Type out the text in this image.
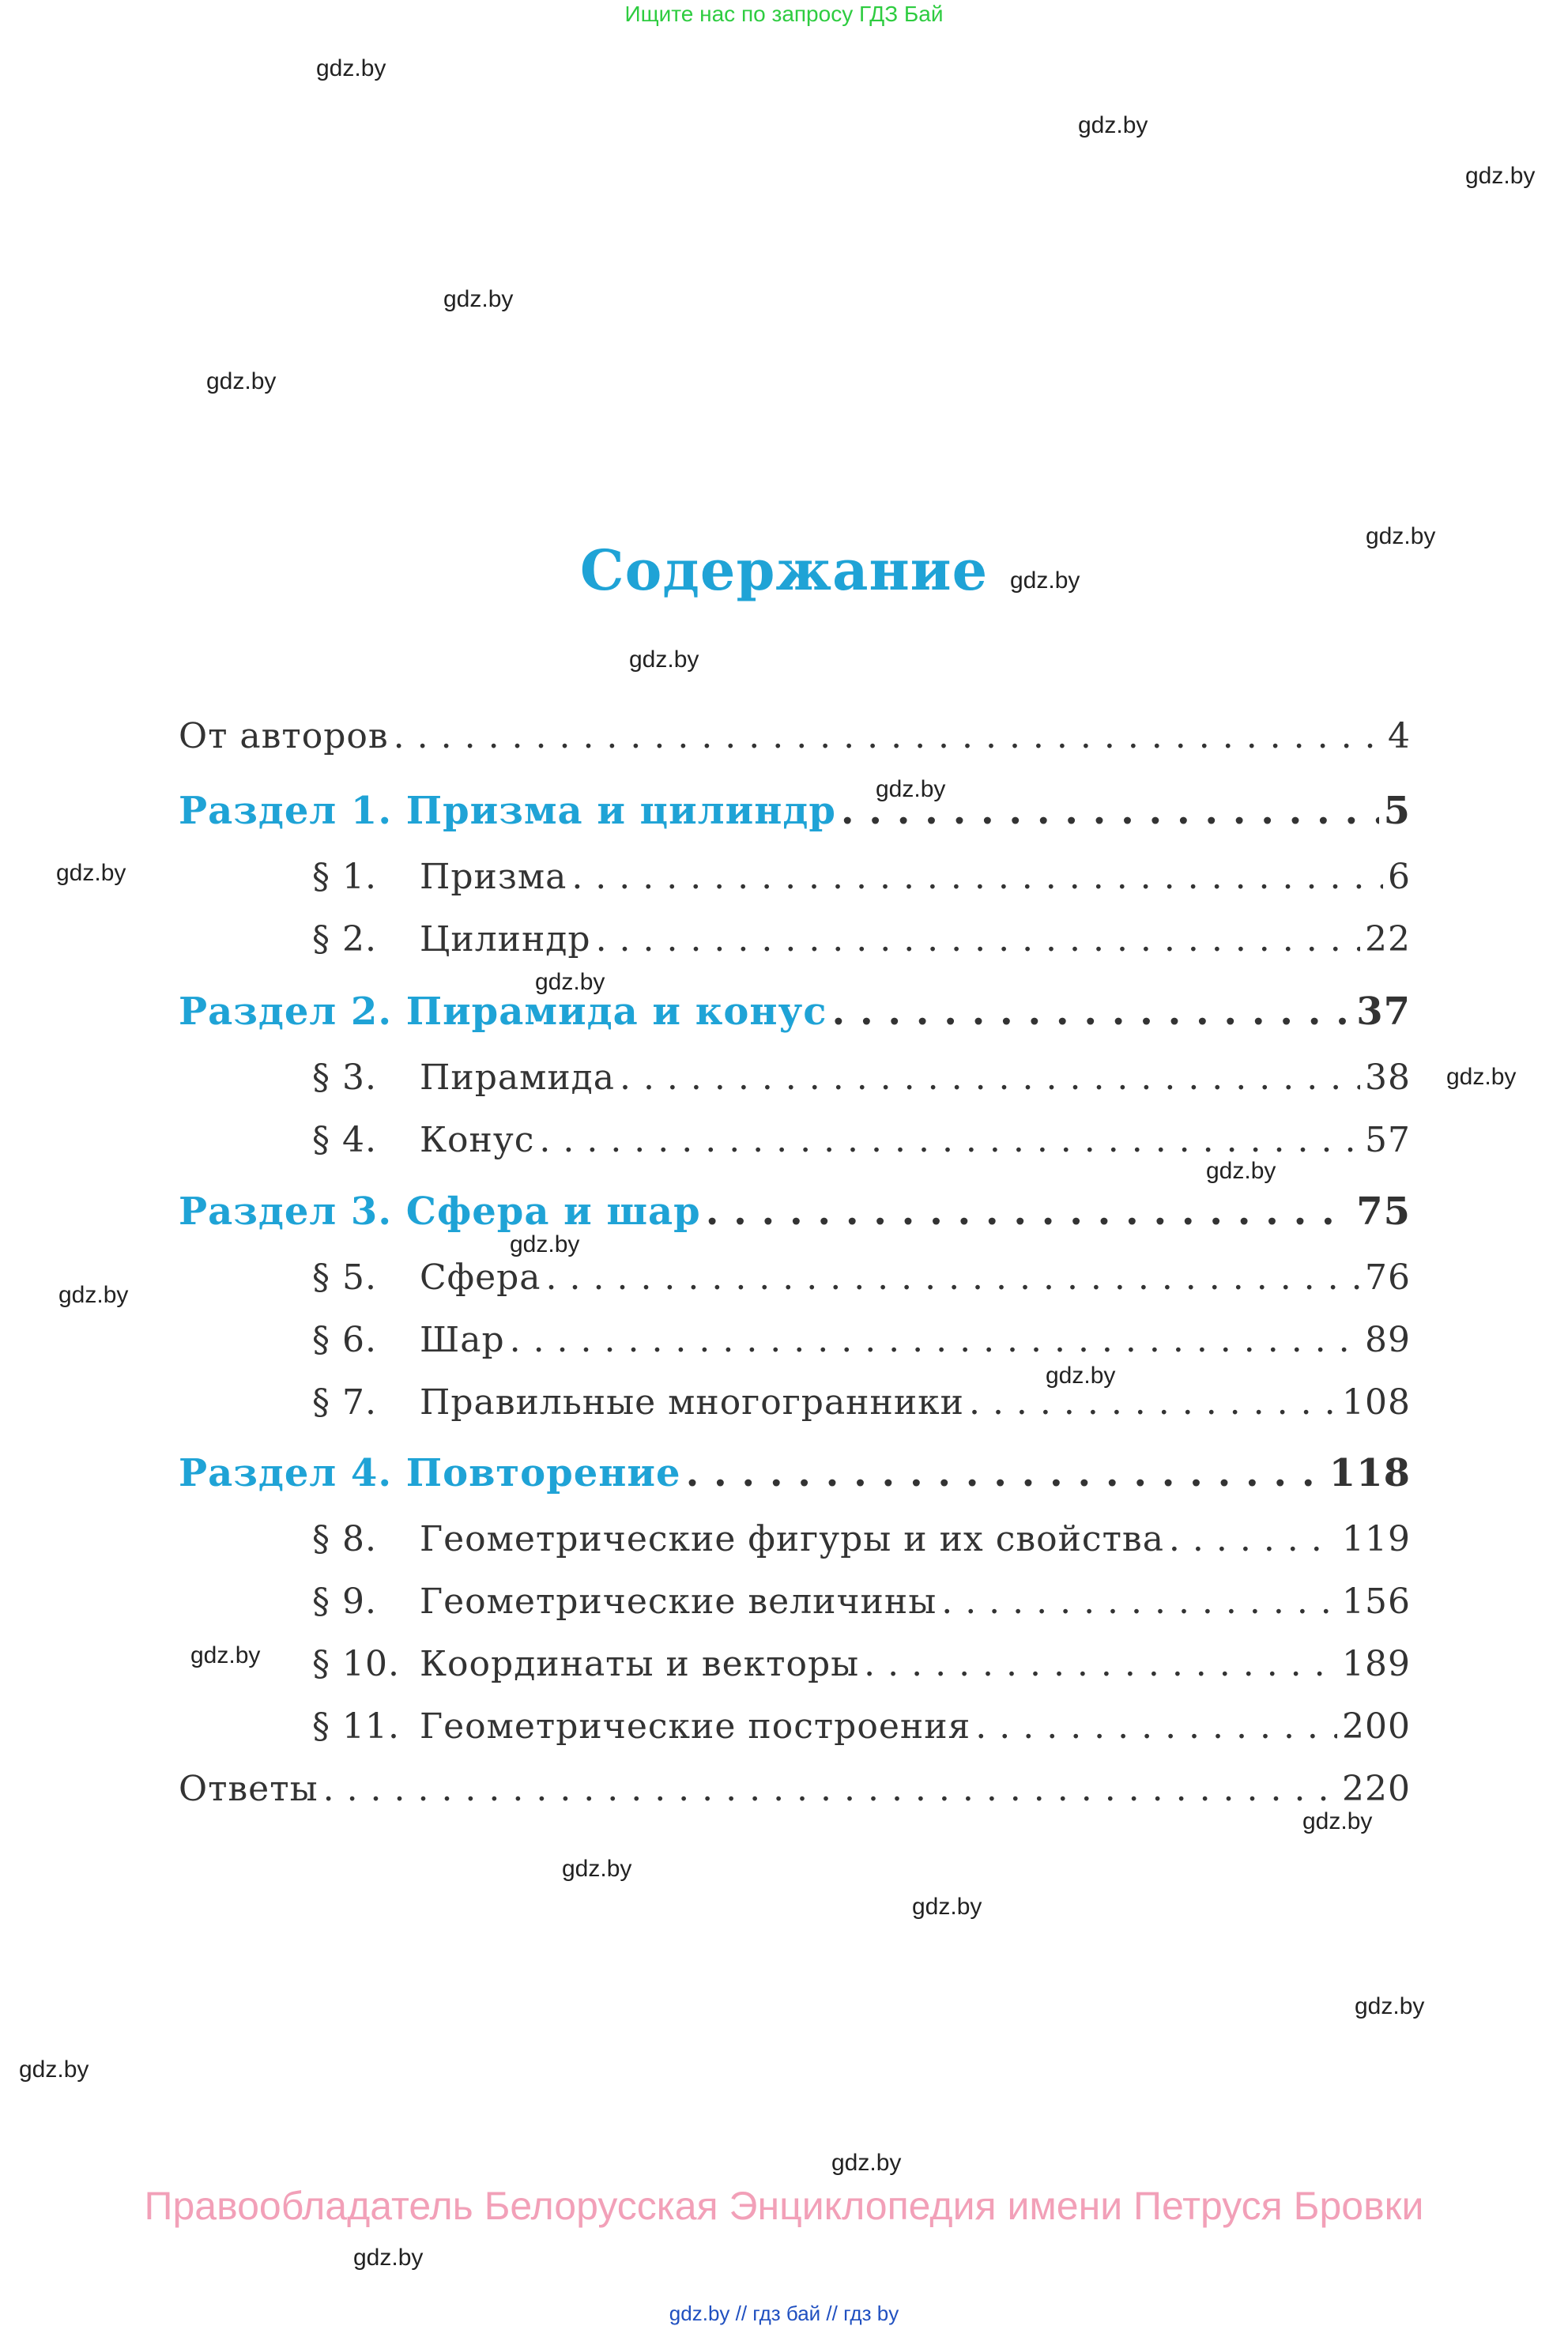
Ищите нас по запросу ГДЗ Бай
gdz.by
gdz.by
gdz.by
gdz.by
gdz.by
gdz.by
gdz.by
gdz.by
gdz.by
gdz.by
gdz.by
gdz.by
gdz.by
gdz.by
gdz.by
gdz.by
gdz.by
gdz.by
gdz.by
gdz.by
gdz.by
gdz.by
gdz.by
gdz.by
Содержание
От авторов . . .	4
Раздел 1. Призма и цилиндр . . .	5
§ 1.	Призма . . .	6
§ 2.	Цилиндр . . .	22
Раздел 2. Пирамида и конус . . .	37
§ 3.	Пирамида . . .	38
§ 4.	Конус . . .	57
Раздел 3. Сфера и шар . . .	75
§ 5.	Сфера . . .	76
§ 6.	Шар . . .	89
§ 7.	Правильные многогранники . . .	108
Раздел 4. Повторение . . .	118
§ 8.	Геометрические фигуры и их свойства . . .	119
§ 9.	Геометрические величины . . .	156
§ 10. Координаты и векторы . . .	189
§ 11. Геометрические построения . . .	200
Ответы . . .	220
Правообладатель Белорусская Энциклопедия имени Петруся Бровки
gdz.by // гдз бай // гдз by
